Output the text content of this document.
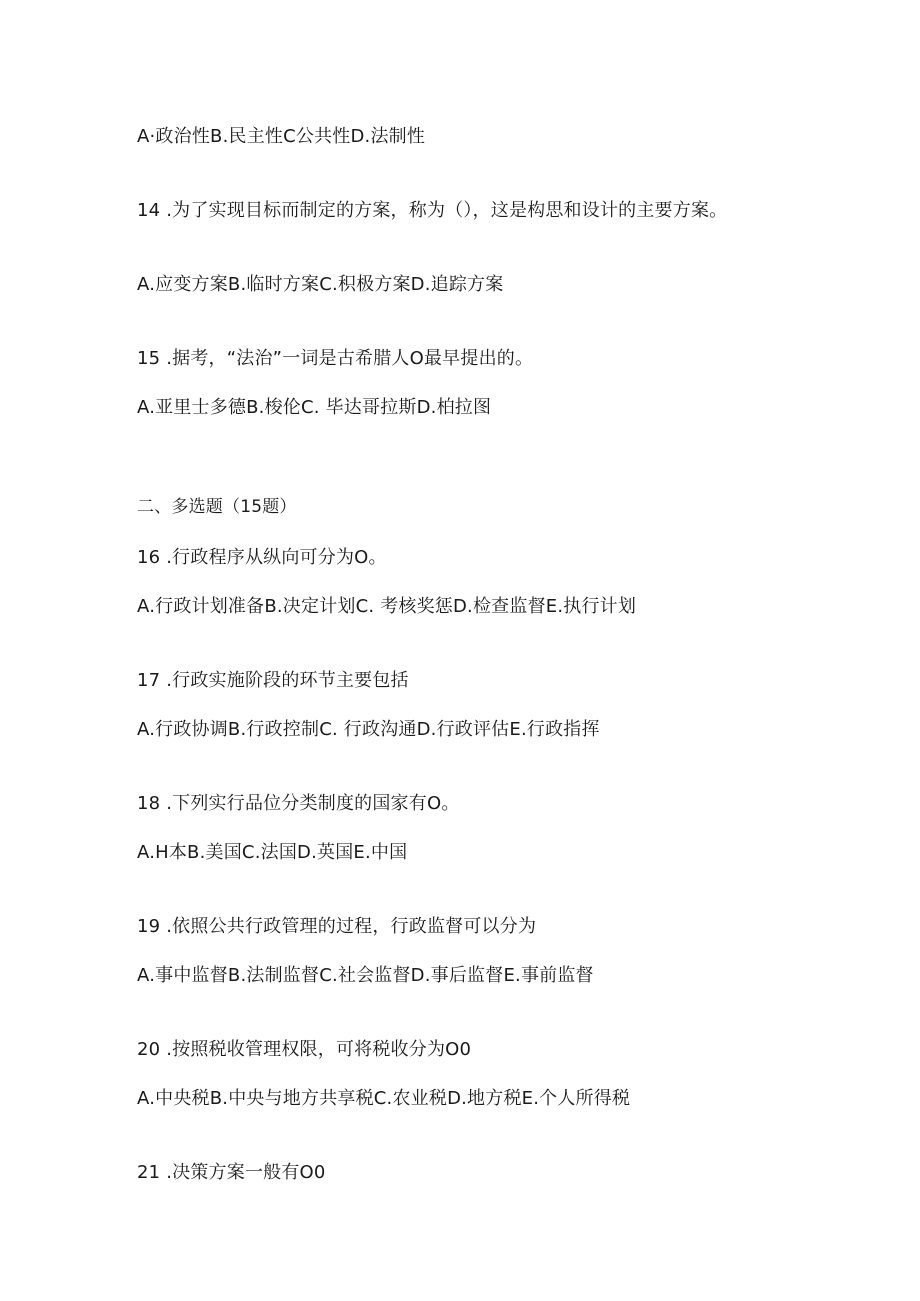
A·政治性B.民主性C公共性D.法制性
14 .为了实现目标而制定的方案，称为（），这是构思和设计的主要方案。
A.应变方案B.临时方案C.积极方案D.追踪方案
15 .据考，“法治”一词是古希腊人O最早提出的。
A.亚里士多德B.梭伦C. 毕达哥拉斯D.柏拉图
二、多选题（15题）
16 .行政程序从纵向可分为O。
A.行政计划准备B.决定计划C. 考核奖惩D.检查监督E.执行计划
17 .行政实施阶段的环节主要包括
A.行政协调B.行政控制C. 行政沟通D.行政评估E.行政指挥
18 .下列实行品位分类制度的国家有O。
A.H本B.美国C.法国D.英国E.中国
19 .依照公共行政管理的过程，行政监督可以分为
A.事中监督B.法制监督C.社会监督D.事后监督E.事前监督
20 .按照税收管理权限，可将税收分为O0
A.中央税B.中央与地方共享税C.农业税D.地方税E.个人所得税
21 .决策方案一般有O0
